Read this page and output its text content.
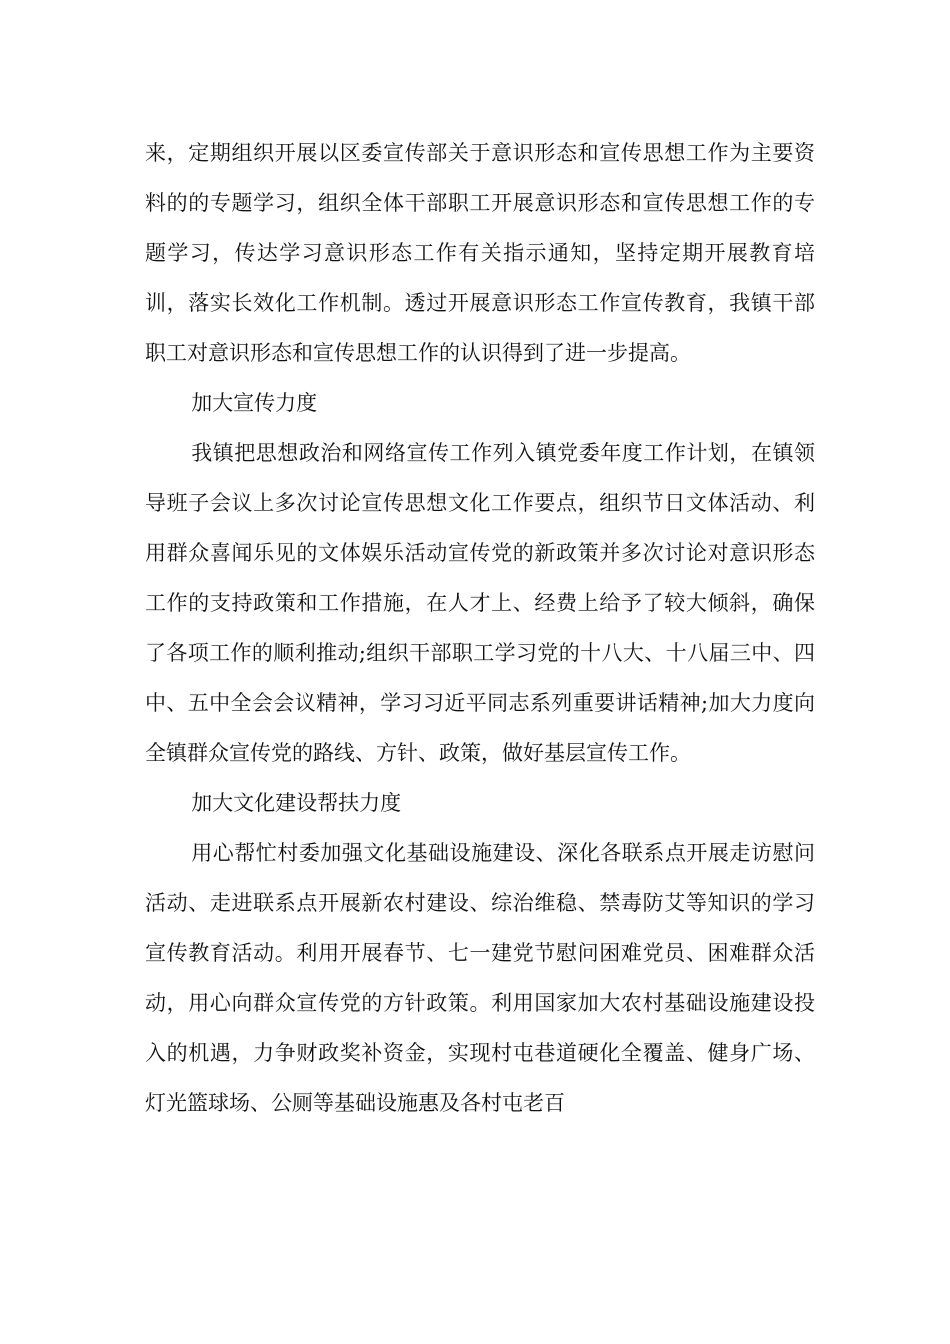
来，定期组织开展以区委宣传部关于意识形态和宣传思想工作为主要资料的的专题学习，组织全体干部职工开展意识形态和宣传思想工作的专题学习，传达学习意识形态工作有关指示通知，坚持定期开展教育培训，落实长效化工作机制。透过开展意识形态工作宣传教育，我镇干部职工对意识形态和宣传思想工作的认识得到了进一步提高。

加大宣传力度

我镇把思想政治和网络宣传工作列入镇党委年度工作计划，在镇领导班子会议上多次讨论宣传思想文化工作要点，组织节日文体活动、利用群众喜闻乐见的文体娱乐活动宣传党的新政策并多次讨论对意识形态工作的支持政策和工作措施，在人才上、经费上给予了较大倾斜，确保了各项工作的顺利推动;组织干部职工学习党的十八大、十八届三中、四中、五中全会会议精神，学习习近平同志系列重要讲话精神;加大力度向全镇群众宣传党的路线、方针、政策，做好基层宣传工作。

加大文化建设帮扶力度

用心帮忙村委加强文化基础设施建设、深化各联系点开展走访慰问活动、走进联系点开展新农村建设、综治维稳、禁毒防艾等知识的学习宣传教育活动。利用开展春节、七一建党节慰问困难党员、困难群众活动，用心向群众宣传党的方针政策。利用国家加大农村基础设施建设投入的机遇，力争财政奖补资金，实现村屯巷道硬化全覆盖、健身广场、灯光篮球场、公厕等基础设施惠及各村屯老百
